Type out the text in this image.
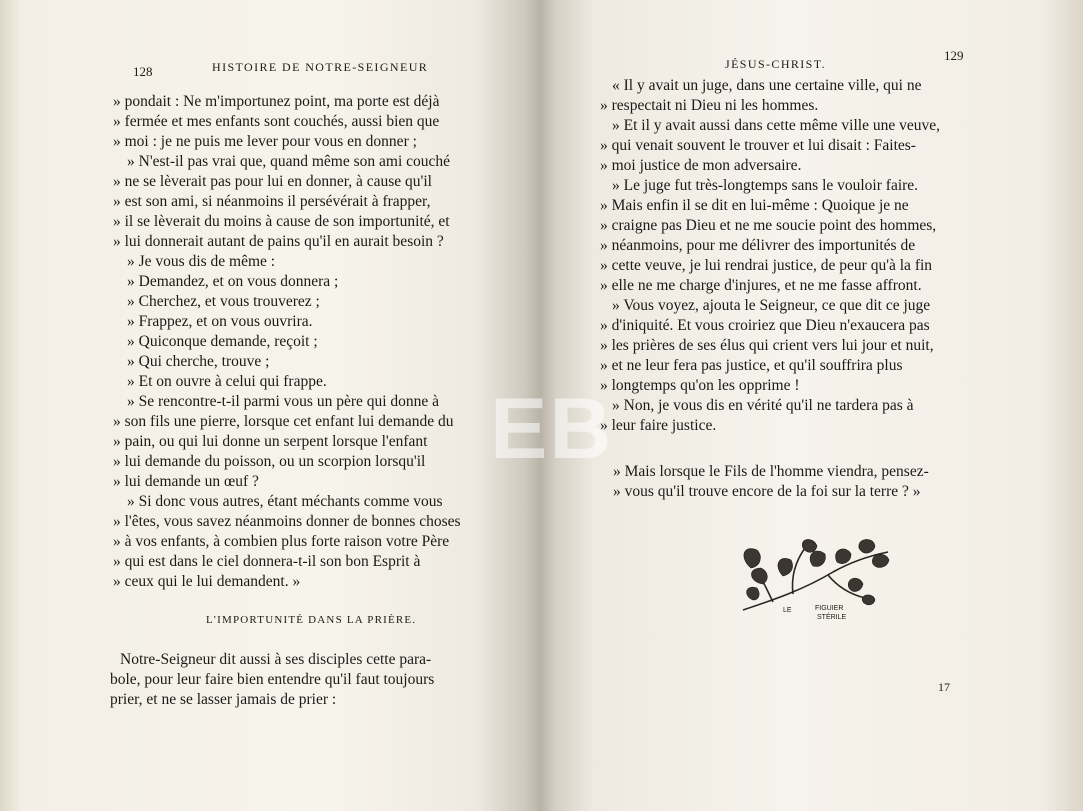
128	HISTOIRE DE NOTRE-SEIGNEUR
» pondait : Ne m'importunez point, ma porte est déjà
» fermée et mes enfants sont couchés, aussi bien que
» moi : je ne puis me lever pour vous en donner ;
» N'est-il pas vrai que, quand même son ami couché
» ne se lèverait pas pour lui en donner, à cause qu'il
» est son ami, si néanmoins il persévérait à frapper,
» il se lèverait du moins à cause de son importunité, et
» lui donnerait autant de pains qu'il en aurait besoin ?
» Je vous dis de même :
» Demandez, et on vous donnera ;
» Cherchez, et vous trouverez ;
» Frappez, et on vous ouvrira.
» Quiconque demande, reçoit ;
» Qui cherche, trouve ;
» Et on ouvre à celui qui frappe.
» Se rencontre-t-il parmi vous un père qui donne à
» son fils une pierre, lorsque cet enfant lui demande du
» pain, ou qui lui donne un serpent lorsque l'enfant
» lui demande du poisson, ou un scorpion lorsqu'il
» lui demande un œuf ?
» Si donc vous autres, étant méchants comme vous
» l'êtes, vous savez néanmoins donner de bonnes choses
» à vos enfants, à combien plus forte raison votre Père
» qui est dans le ciel donnera-t-il son bon Esprit à
» ceux qui le lui demandent. »
L'IMPORTUNITÉ DANS LA PRIÈRE.
Notre-Seigneur dit aussi à ses disciples cette para-
bole, pour leur faire bien entendre qu'il faut toujours
prier, et ne se lasser jamais de prier :
JÉSUS-CHRIST.
129
« Il y avait un juge, dans une certaine ville, qui ne
» respectait ni Dieu ni les hommes.
» Et il y avait aussi dans cette même ville une veuve,
» qui venait souvent le trouver et lui disait : Faites-
» moi justice de mon adversaire.
» Le juge fut très-longtemps sans le vouloir faire.
» Mais enfin il se dit en lui-même : Quoique je ne
» craigne pas Dieu et ne me soucie point des hommes,
» néanmoins, pour me délivrer des importunités de
» cette veuve, je lui rendrai justice, de peur qu'à la fin
» elle ne me charge d'injures, et ne me fasse affront.
» Vous voyez, ajouta le Seigneur, ce que dit ce juge
» d'iniquité. Et vous croiriez que Dieu n'exaucera pas
» les prières de ses élus qui crient vers lui jour et nuit,
» et ne leur fera pas justice, et qu'il souffrira plus
» longtemps qu'on les opprime !
» Non, je vous dis en vérité qu'il ne tardera pas à
» leur faire justice.
» Mais lorsque le Fils de l'homme viendra, pensez-
» vous qu'il trouve encore de la foi sur la terre ? »
17
LE	FIGUIER
STÉRILE
EB
